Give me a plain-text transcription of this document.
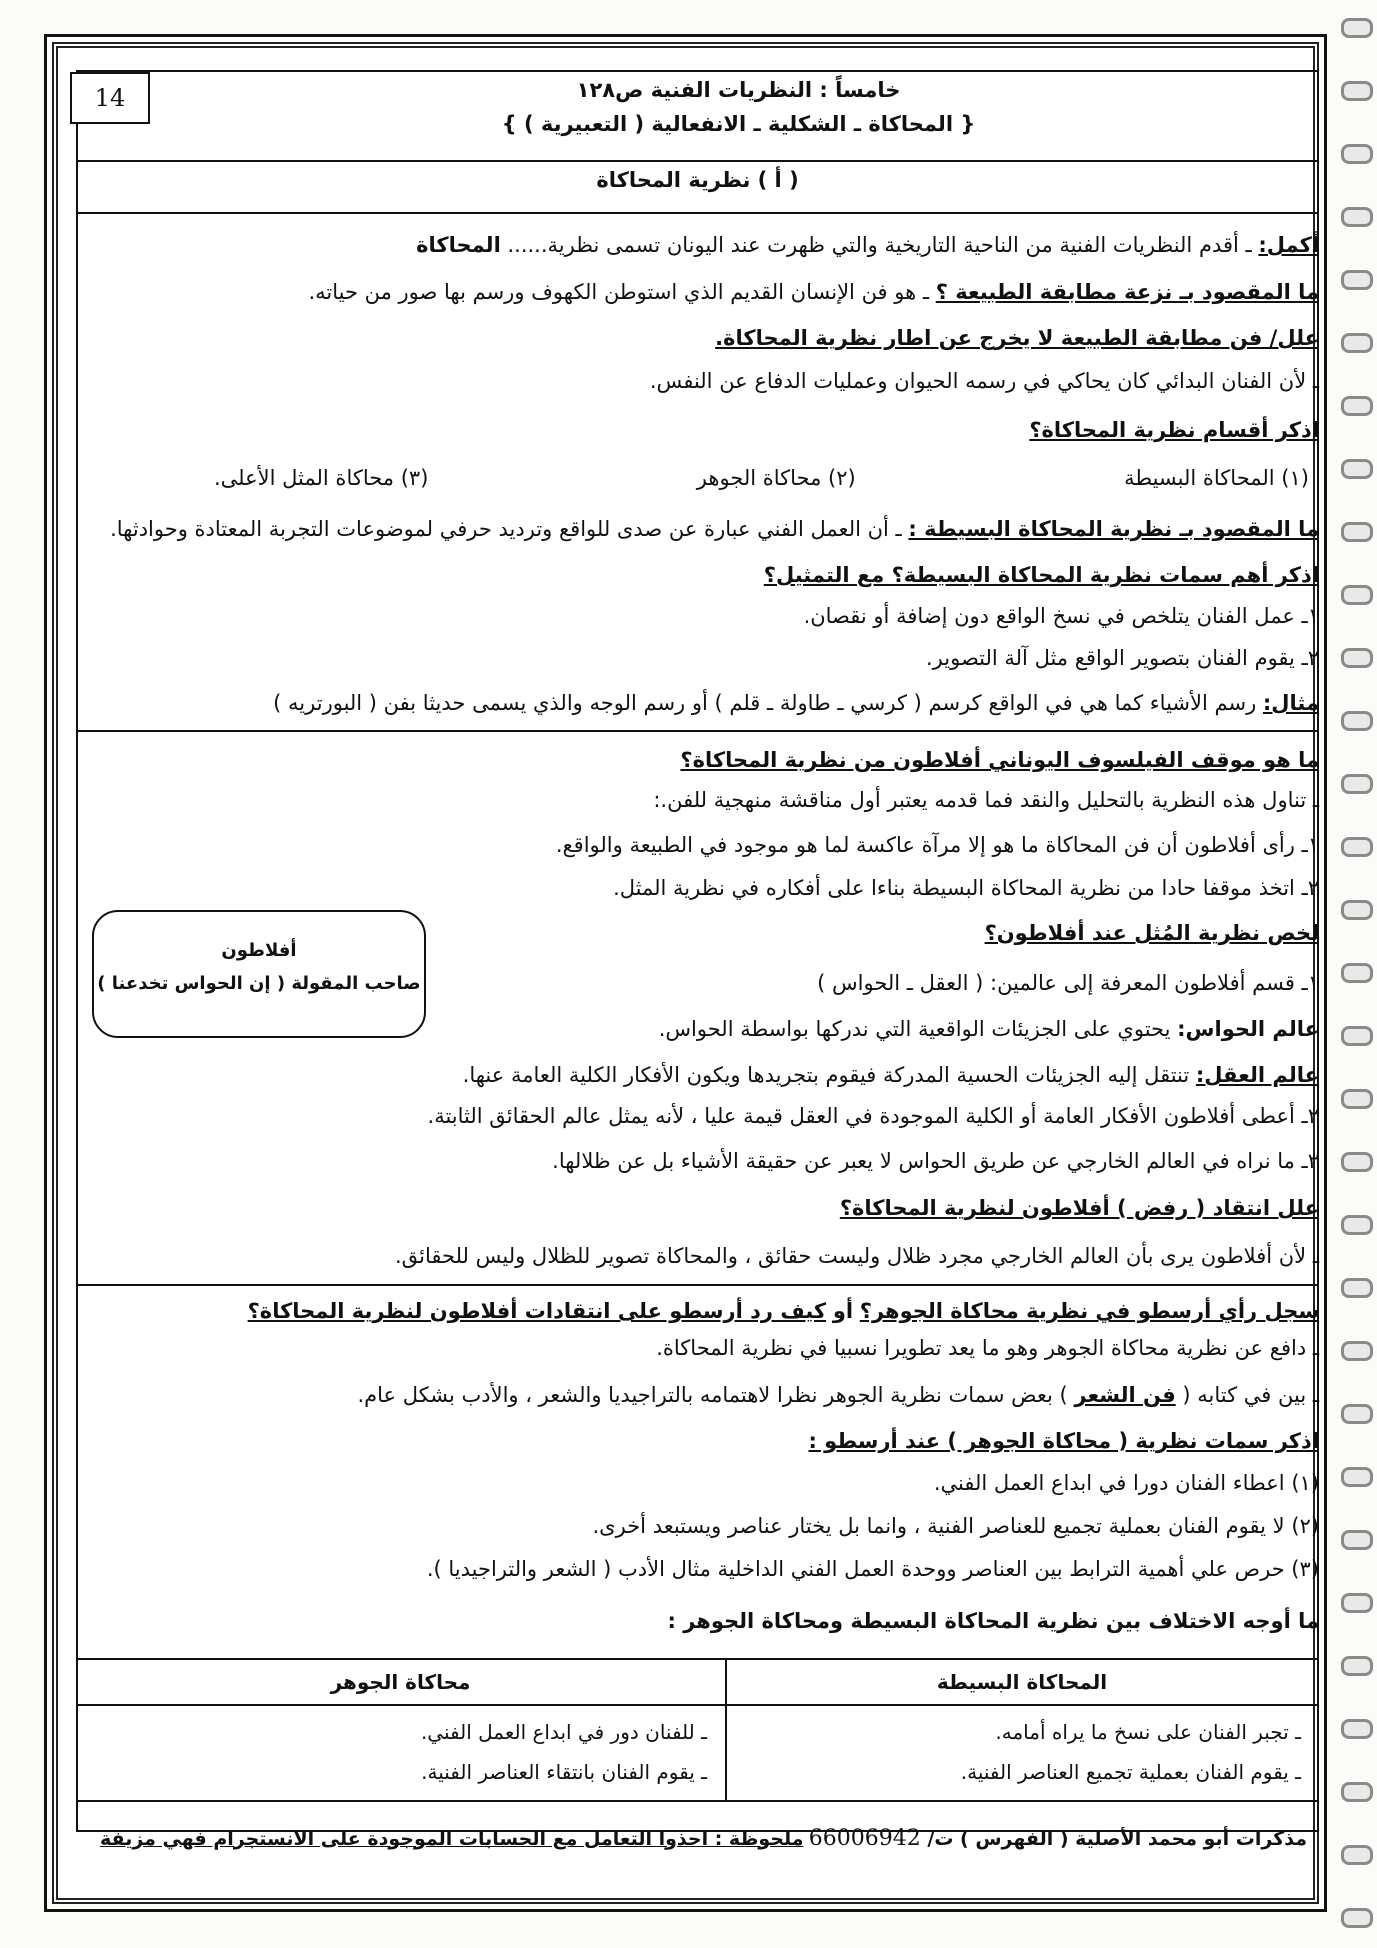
14	خامساً : النظريات الفنية ص١٢٨
{ المحاكاة ـ الشكلية ـ الانفعالية ( التعبيرية ) }
( أ ) نظرية المحاكاة
أكمل: ـ أقدم النظريات الفنية من الناحية التاريخية والتي ظهرت عند اليونان تسمى نظرية...... المحاكاة
ما المقصود بـ نزعة مطابقة الطبيعة ؟ ـ هو فن الإنسان القديم الذي استوطن الكهوف ورسم بها صور من حياته.
علل/ فن مطابقة الطبيعة لا يخرج عن اطار نظرية المحاكاة.
ـ لأن الفنان البدائي كان يحاكي في رسمه الحيوان وعمليات الدفاع عن النفس.
اذكر أقسام نظرية المحاكاة؟
(١) المحاكاة البسيطة
(٢) محاكاة الجوهر
(٣) محاكاة المثل الأعلى.
ما المقصود بـ نظرية المحاكاة البسيطة : ـ أن العمل الفني عبارة عن صدى للواقع وترديد حرفي لموضوعات التجربة المعتادة وحوادثها.
اذكر أهم سمات نظرية المحاكاة البسيطة؟ مع التمثيل؟
١ـ عمل الفنان يتلخص في نسخ الواقع دون إضافة أو نقصان.
٢ـ يقوم الفنان بتصوير الواقع مثل آلة التصوير.
مثال: رسم الأشياء كما هي في الواقع كرسم ( كرسي ـ طاولة ـ قلم ) أو رسم الوجه والذي يسمى حديثا بفن ( البورتريه )
ما هو موقف الفيلسوف اليوناني أفلاطون من نظرية المحاكاة؟
ـ تناول هذه النظرية بالتحليل والنقد فما قدمه يعتبر أول مناقشة منهجية للفن.:
١ـ رأى أفلاطون أن فن المحاكاة ما هو إلا مرآة عاكسة لما هو موجود في الطبيعة والواقع.
٢ـ اتخذ موقفا حادا من نظرية المحاكاة البسيطة بناءا على أفكاره في نظرية المثل.
لخص نظرية المُثل عند أفلاطون؟
١ـ قسم أفلاطون المعرفة إلى عالمين: ( العقل ـ الحواس )
عالم الحواس: يحتوي على الجزيئات الواقعية التي ندركها بواسطة الحواس.
عالم العقل: تنتقل إليه الجزيئات الحسية المدركة فيقوم بتجريدها ويكون الأفكار الكلية العامة عنها.
٢ـ أعطى أفلاطون الأفكار العامة أو الكلية الموجودة في العقل قيمة عليا ، لأنه يمثل عالم الحقائق الثابتة.
٣ـ ما نراه في العالم الخارجي عن طريق الحواس لا يعبر عن حقيقة الأشياء بل عن ظلالها.
علل انتقاد ( رفض ) أفلاطون لنظرية المحاكاة؟
ـ لأن أفلاطون يرى بأن العالم الخارجي مجرد ظلال وليست حقائق ، والمحاكاة تصوير للظلال وليس للحقائق.
سجل رأي أرسطو في نظرية محاكاة الجوهر؟ أو كيف رد أرسطو على انتقادات أفلاطون لنظرية المحاكاة؟
ـ دافع عن نظرية محاكاة الجوهر وهو ما يعد تطويرا نسبيا في نظرية المحاكاة.
ـ بين في كتابه ( فن الشعر ) بعض سمات نظرية الجوهر نظرا لاهتمامه بالتراجيديا والشعر ، والأدب بشكل عام.
اذكر سمات نظرية ( محاكاة الجوهر ) عند أرسطو :
(١) اعطاء الفنان دورا في ابداع العمل الفني.
(٢) لا يقوم الفنان بعملية تجميع للعناصر الفنية ، وانما بل يختار عناصر ويستبعد أخرى.
(٣) حرص علي أهمية الترابط بين العناصر ووحدة العمل الفني الداخلية مثال الأدب ( الشعر والتراجيديا ).
ما أوجه الاختلاف بين نظرية المحاكاة البسيطة ومحاكاة الجوهر :
أفلاطون
صاحب المقولة ( إن الحواس تخدعنا )
المحاكاة البسيطة
ـ تجبر الفنان على نسخ ما يراه أمامه.
ـ يقوم الفنان بعملية تجميع العناصر الفنية.
محاكاة الجوهر
ـ للفنان دور في ابداع العمل الفني.
ـ يقوم الفنان بانتقاء العناصر الفنية.
مذكرات أبو محمد الأصلية ( الفهرس ) ت/ 66006942
ملحوظة : احذوا التعامل مع الحسابات الموجودة على الانستجرام فهي مزيفة
